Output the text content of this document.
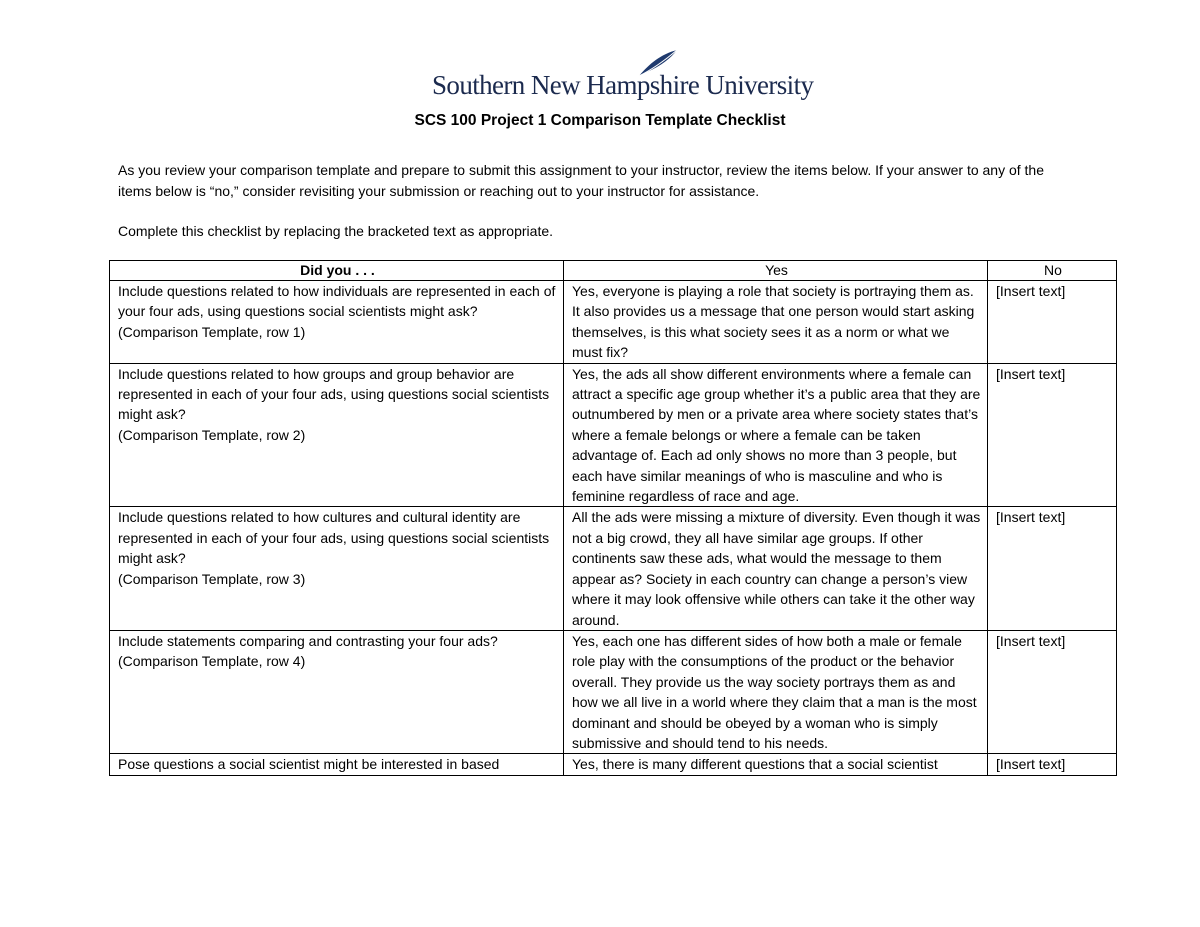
Southern New Hampshire University
SCS 100 Project 1 Comparison Template Checklist

As you review your comparison template and prepare to submit this assignment to your instructor, review the items below. If your answer to any of the items below is “no,” consider revisiting your submission or reaching out to your instructor for assistance.

Complete this checklist by replacing the bracketed text as appropriate.

Did you . . .	Yes	No
Include questions related to how individuals are represented in each of your four ads, using questions social scientists might ask?
(Comparison Template, row 1)	Yes, everyone is playing a role that society is portraying them as. It also provides us a message that one person would start asking themselves, is this what society sees it as a norm or what we must fix?	[Insert text]
Include questions related to how groups and group behavior are represented in each of your four ads, using questions social scientists might ask?
(Comparison Template, row 2)	Yes, the ads all show different environments where a female can attract a specific age group whether it’s a public area that they are outnumbered by men or a private area where society states that’s where a female belongs or where a female can be taken advantage of. Each ad only shows no more than 3 people, but each have similar meanings of who is masculine and who is feminine regardless of race and age.	[Insert text]
Include questions related to how cultures and cultural identity are represented in each of your four ads, using questions social scientists might ask?
(Comparison Template, row 3)	All the ads were missing a mixture of diversity. Even though it was not a big crowd, they all have similar age groups. If other continents saw these ads, what would the message to them appear as? Society in each country can change a person’s view where it may look offensive while others can take it the other way around.	[Insert text]
Include statements comparing and contrasting your four ads?
(Comparison Template, row 4)	Yes, each one has different sides of how both a male or female role play with the consumptions of the product or the behavior overall. They provide us the way society portrays them as and how we all live in a world where they claim that a man is the most dominant and should be obeyed by a woman who is simply submissive and should tend to his needs.	[Insert text]
Pose questions a social scientist might be interested in based	Yes, there is many different questions that a social scientist	[Insert text]
